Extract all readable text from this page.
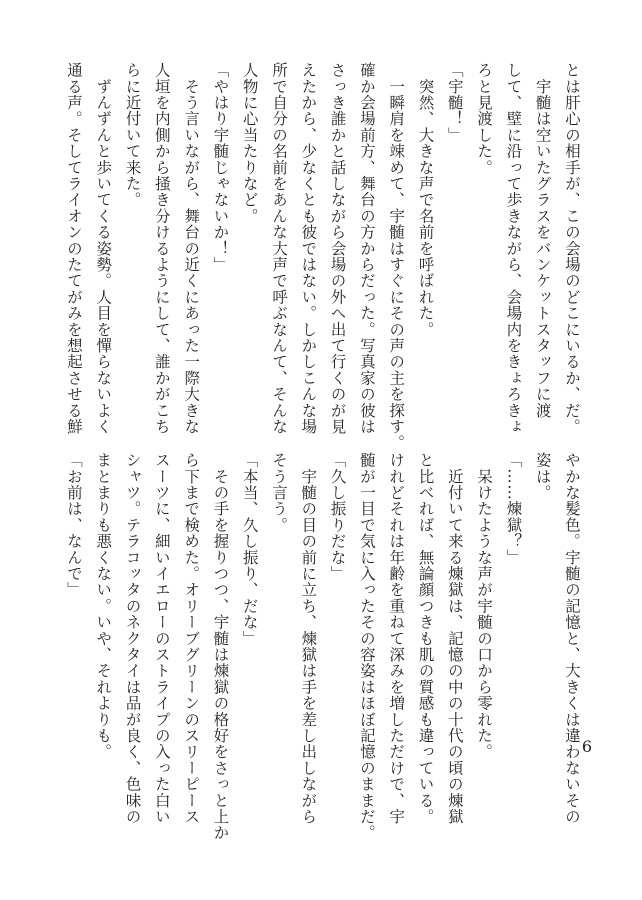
とは肝心の相手が、この会場のどこにいるか、だ。
　宇髄は空いたグラスをバンケットスタッフに渡
して、壁に沿って歩きながら、会場内をきょろきょ
ろと見渡した。
「宇髄！」
　突然、大きな声で名前を呼ばれた。
　一瞬肩を竦めて、宇髄はすぐにその声の主を探す。
確か会場前方、舞台の方からだった。写真家の彼は
さっき誰かと話しながら会場の外へ出て行くのが見
えたから、少なくとも彼ではない。しかしこんな場
所で自分の名前をあんな大声で呼ぶなんて、そんな
人物に心当たりなど。
「やはり宇髄じゃないか！」
　そう言いながら、舞台の近くにあった一際大きな
人垣を内側から掻き分けるようにして、誰かがこち
らに近付いて来た。
　ずんずんと歩いてくる姿勢。人目を憚らないよく
通る声。そしてライオンのたてがみを想起させる鮮
やかな髪色。宇髄の記憶と、大きくは違わないその
姿は。
「……煉獄？」
　呆けたような声が宇髄の口から零れた。
　近付いて来る煉獄は、記憶の中の十代の頃の煉獄
と比べれば、無論顔つきも肌の質感も違っている。
けれどそれは年齢を重ねて深みを増しただけで、宇
髄が一目で気に入ったその容姿はほぼ記憶のままだ。
「久し振りだな」
　宇髄の目の前に立ち、煉獄は手を差し出しながら
そう言う。
「本当、久し振り、だな」
　その手を握りつつ、宇髄は煉獄の格好をさっと上か
ら下まで検めた。オリーブグリーンのスリーピース
スーツに、細いイエローのストライプの入った白い
シャツ。テラコッタのネクタイは品が良く、色味の
まとまりも悪くない。いや、それよりも。
「お前は、なんで」
6
